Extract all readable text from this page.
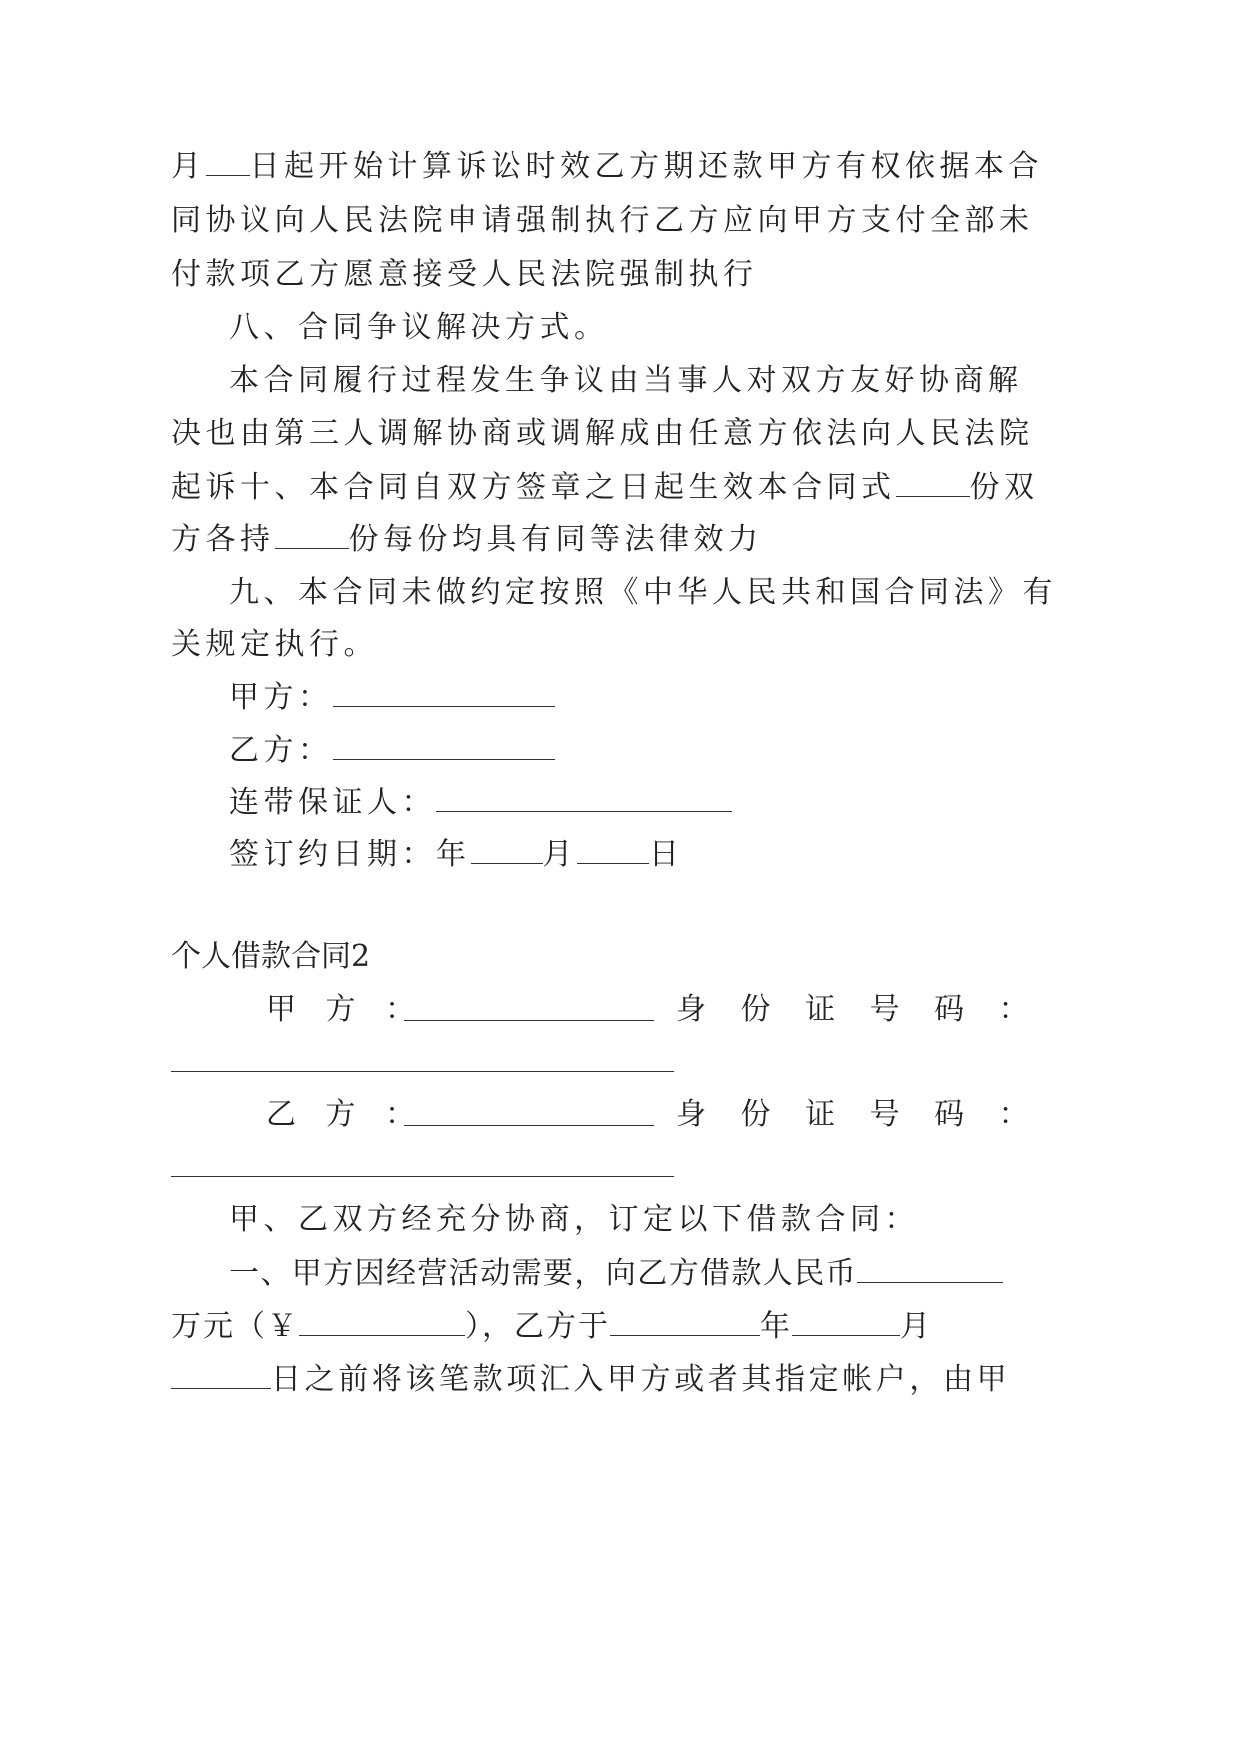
月 日起开始计算诉讼时效乙方期还款甲方有权依据本合

同协议向人民法院申请强制执行乙方应向甲方支付全部未

付款项乙方愿意接受人民法院强制执行

八、合同争议解决方式。

本合同履行过程发生争议由当事人对双方友好协商解

决也由第三人调解协商或调解成由任意方依法向人民法院

起诉十、本合同自双方签章之日起生效本合同式 份双

方各持 份每份均具有同等法律效力

九、本合同未做约定按照《中华人民共和国合同法》有

关规定执行。

甲方：

乙方：

连带保证人：

签订约日期：年 月 日

个人借款合同2

甲 方 ：	身 份 证 号 码 ：

乙 方 ：	身 份 证 号 码 ：

甲、乙双方经充分协商，订定以下借款合同：

一、甲方因经营活动需要，向乙方借款人民币

万元（￥	），乙方于	年	月

日之前将该笔款项汇入甲方或者其指定帐户，由甲
